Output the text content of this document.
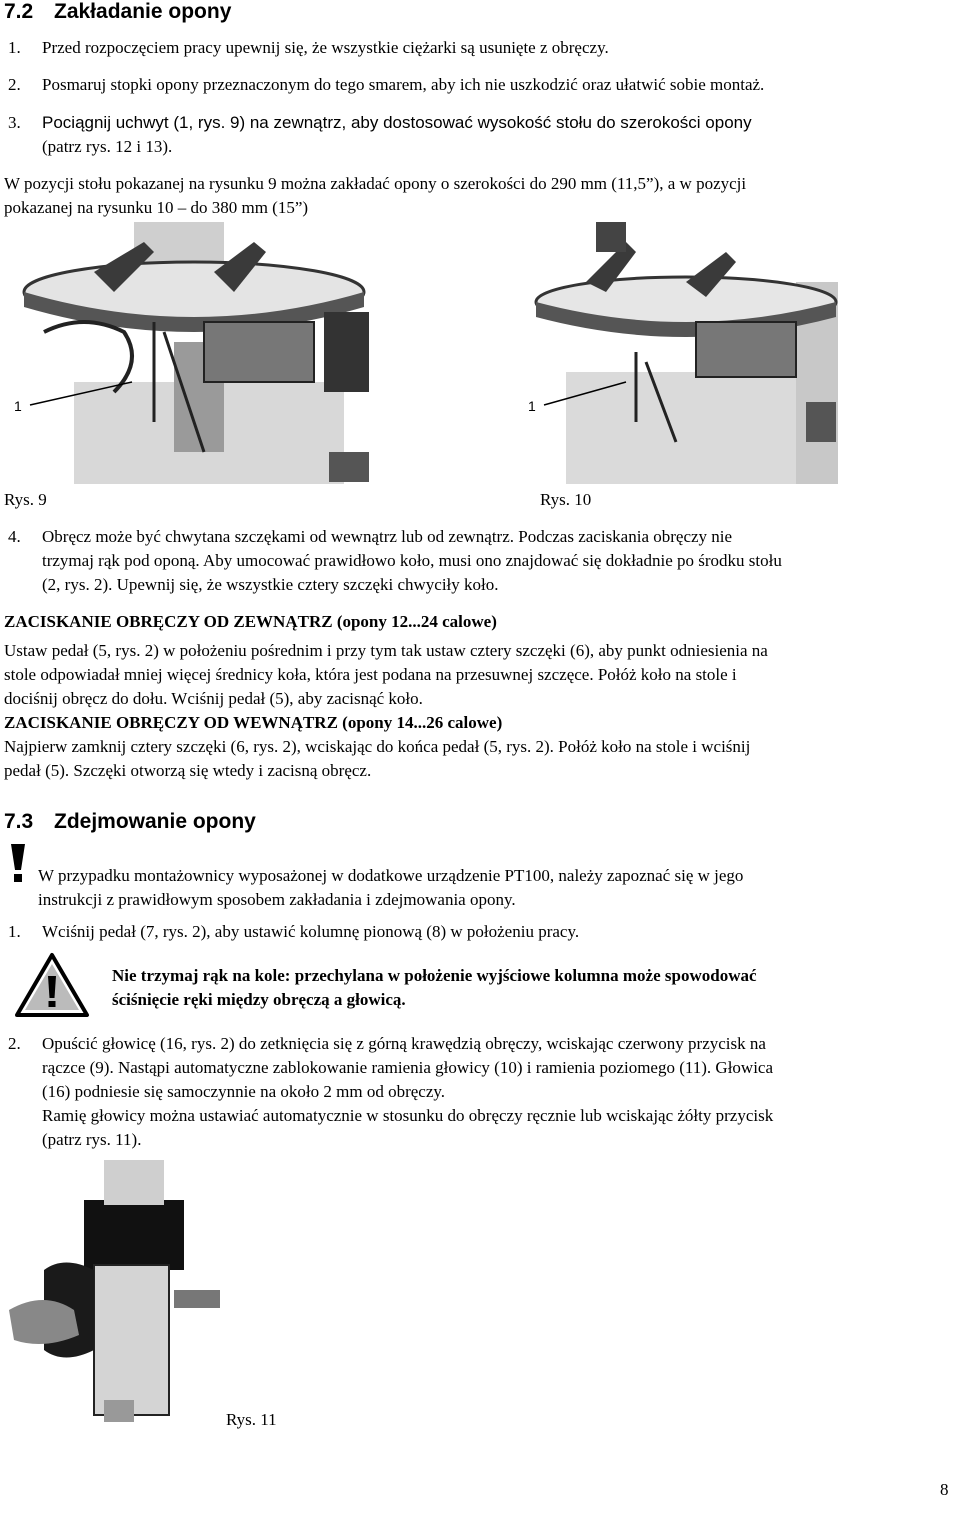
7.2 Zakładanie opony
1. Przed rozpoczęciem pracy upewnij się, że wszystkie ciężarki są usunięte z obręczy.
2. Posmaruj stopki opony przeznaczonym do tego smarem, aby ich nie uszkodzić oraz ułatwić sobie montaż.
3. Pociągnij uchwyt (1, rys. 9) na zewnątrz, aby dostosować wysokość stołu do szerokości opony
(patrz rys. 12 i 13).
W pozycji stołu pokazanej na rysunku 9 można zakładać opony o szerokości do 290 mm (11,5”), a w pozycji
pokazanej na rysunku 10 – do 380 mm (15”)
1	1
Rys. 9	Rys. 10
4. Obręcz może być chwytana szczękami od wewnątrz lub od zewnątrz. Podczas zaciskania obręczy nie
trzymaj rąk pod oponą. Aby umocować prawidłowo koło, musi ono znajdować się dokładnie po środku stołu
(2, rys. 2). Upewnij się, że wszystkie cztery szczęki chwyciły koło.
ZACISKANIE OBRĘCZY OD ZEWNĄTRZ (opony 12...24 calowe)
Ustaw pedał (5, rys. 2) w położeniu pośrednim i przy tym tak ustaw cztery szczęki (6), aby punkt odniesienia na
stole odpowiadał mniej więcej średnicy koła, która jest podana na przesuwnej szczęce. Połóż koło na stole i
dociśnij obręcz do dołu. Wciśnij pedał (5), aby zacisnąć koło.
ZACISKANIE OBRĘCZY OD WEWNĄTRZ (opony 14...26 calowe)
Najpierw zamknij cztery szczęki (6, rys. 2), wciskając do końca pedał (5, rys. 2). Połóż koło na stole i wciśnij
pedał (5). Szczęki otworzą się wtedy i zacisną obręcz.
7.3 Zdejmowanie opony
W przypadku montażownicy wyposażonej w dodatkowe urządzenie PT100, należy zapoznać się w jego
instrukcji z prawidłowym sposobem zakładania i zdejmowania opony.
1. Wciśnij pedał (7, rys. 2), aby ustawić kolumnę pionową (8) w położeniu pracy.
Nie trzymaj rąk na kole: przechylana w położenie wyjściowe kolumna może spowodować
ściśnięcie ręki między obręczą a głowicą.
2. Opuścić głowicę (16, rys. 2) do zetknięcia się z górną krawędzią obręczy, wciskając czerwony przycisk na
rączce (9). Nastąpi automatyczne zablokowanie ramienia głowicy (10) i ramienia poziomego (11). Głowica
(16) podniesie się samoczynnie na około 2 mm od obręczy.
Ramię głowicy można ustawiać automatycznie w stosunku do obręczy ręcznie lub wciskając żółty przycisk
(patrz rys. 11).
Rys. 11
8
